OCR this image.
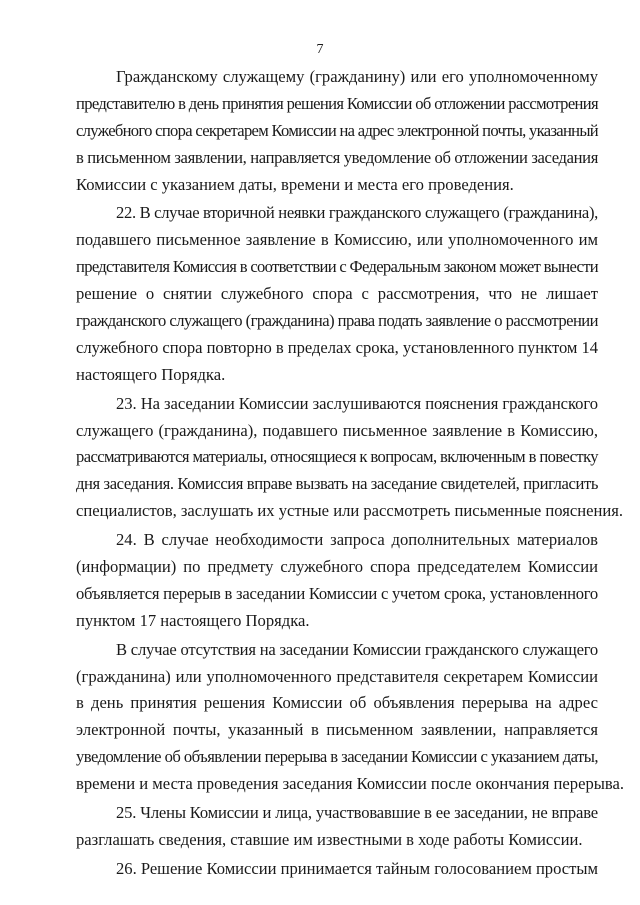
7
Гражданскому служащему (гражданину) или его уполномоченному
представителю в день принятия решения Комиссии об отложении рассмотрения
служебного спора секретарем Комиссии на адрес электронной почты, указанный
в письменном заявлении, направляется уведомление об отложении заседания
Комиссии с указанием даты, времени и места его проведения.
22. В случае вторичной неявки гражданского служащего (гражданина),
подавшего письменное заявление в Комиссию, или уполномоченного им
представителя Комиссия в соответствии с Федеральным законом может вынести
решение о снятии служебного спора с рассмотрения, что не лишает
гражданского служащего (гражданина) права подать заявление о рассмотрении
служебного спора повторно в пределах срока, установленного пунктом 14
настоящего Порядка.
23. На заседании Комиссии заслушиваются пояснения гражданского
служащего (гражданина), подавшего письменное заявление в Комиссию,
рассматриваются материалы, относящиеся к вопросам, включенным в повестку
дня заседания. Комиссия вправе вызвать на заседание свидетелей, пригласить
специалистов, заслушать их устные или рассмотреть письменные пояснения.
24. В случае необходимости запроса дополнительных материалов
(информации) по предмету служебного спора председателем Комиссии
объявляется перерыв в заседании Комиссии с учетом срока, установленного
пунктом 17 настоящего Порядка.
В случае отсутствия на заседании Комиссии гражданского служащего
(гражданина) или уполномоченного представителя секретарем Комиссии
в день принятия решения Комиссии об объявления перерыва на адрес
электронной почты, указанный в письменном заявлении, направляется
уведомление об объявлении перерыва в заседании Комиссии с указанием даты,
времени и места проведения заседания Комиссии после окончания перерыва.
25. Члены Комиссии и лица, участвовавшие в ее заседании, не вправе
разглашать сведения, ставшие им известными в ходе работы Комиссии.
26. Решение Комиссии принимается тайным голосованием простым
